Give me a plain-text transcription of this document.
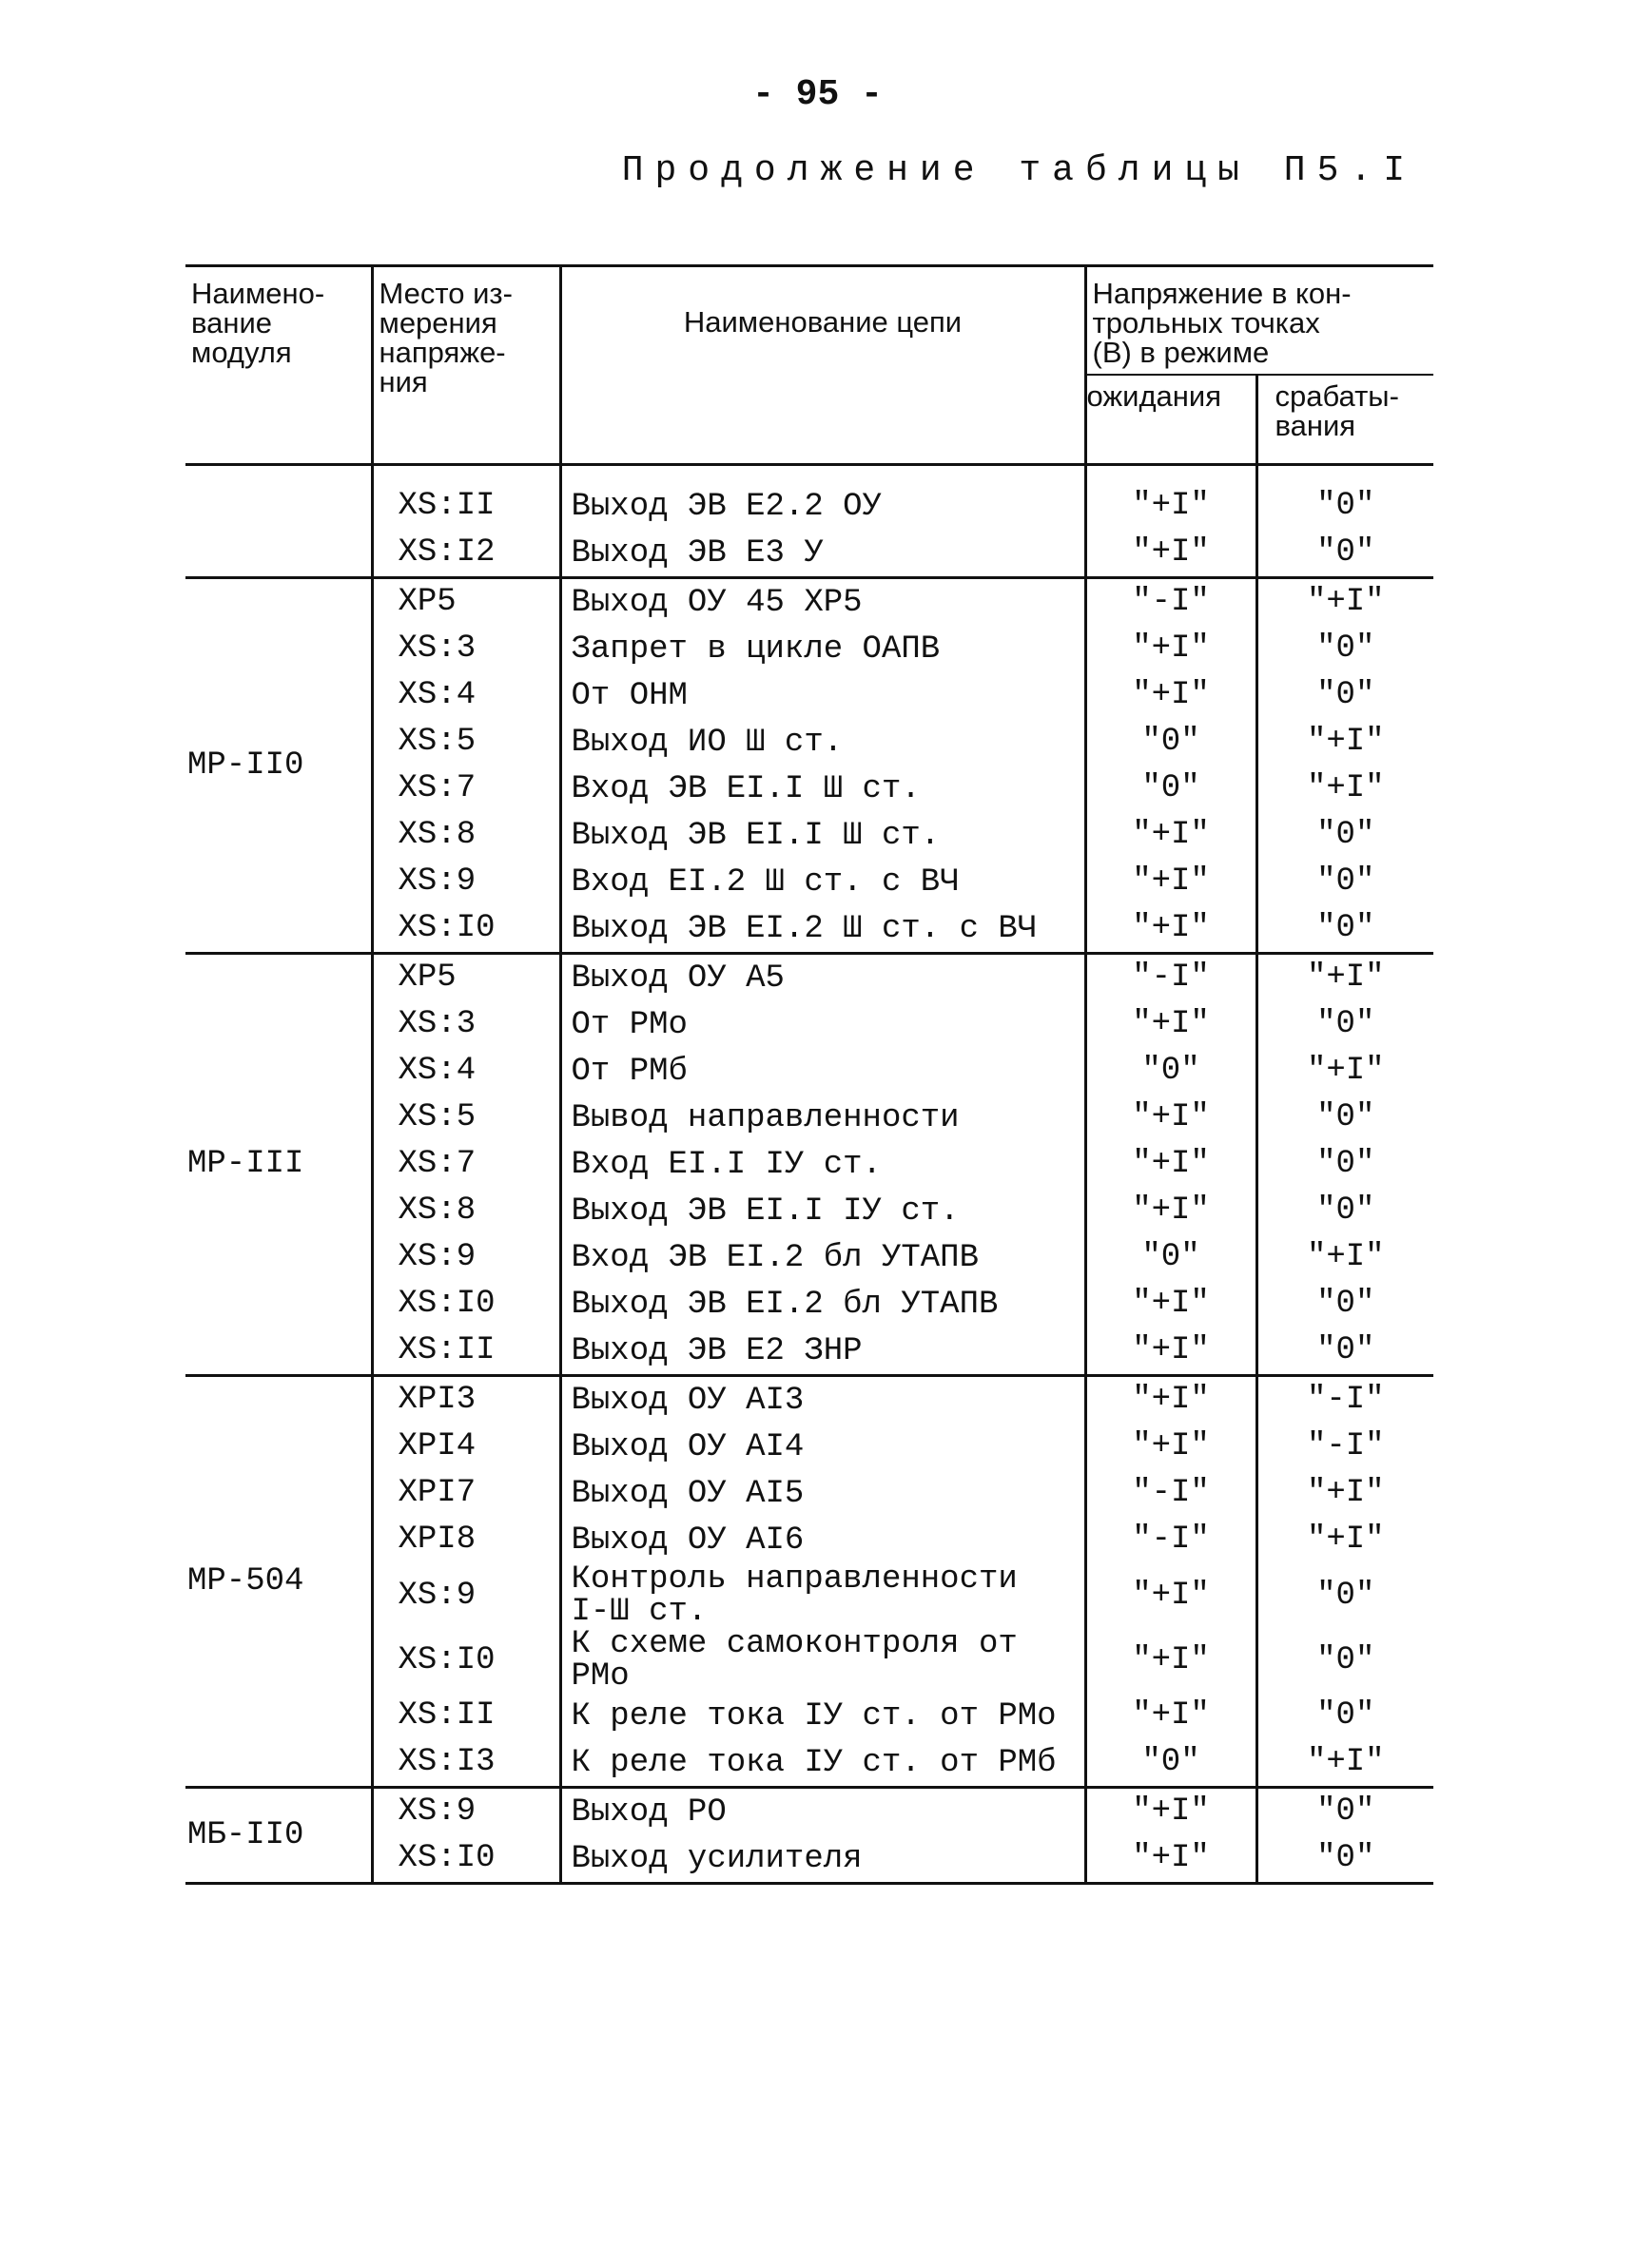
- 95 -
Продолжение таблицы П5.I
Наимено-
вание
модуля	Место из-
мерения
напряже-
ния	Наименование цепи	Напряжение в кон-
трольных точках
(В) в режиме	
			ожидания	срабаты-
вания
	XS:II	Выход ЭВ Е2.2 ОУ	"+I"	"0"
	XS:I2	Выход ЭВ Е3 У	"+I"	"0"
МР-II0	XP5	Выход ОУ 45 XP5	"-I"	"+I"
	XS:3	Запрет в цикле ОАПВ	"+I"	"0"
	XS:4	От ОНМ	"+I"	"0"
	XS:5	Выход ИО Ш ст.	"0"	"+I"
	XS:7	Вход ЭВ ЕI.I Ш ст.	"0"	"+I"
	XS:8	Выход ЭВ ЕI.I Ш ст.	"+I"	"0"
	XS:9	Вход ЕI.2 Ш ст. с ВЧ	"+I"	"0"
	XS:I0	Выход ЭВ ЕI.2 Ш ст. с ВЧ	"+I"	"0"
МР-III	XP5	Выход ОУ А5	"-I"	"+I"
	XS:3	От РМо	"+I"	"0"
	XS:4	От РМб	"0"	"+I"
	XS:5	Вывод направленности	"+I"	"0"
	XS:7	Вход ЕI.I IУ ст.	"+I"	"0"
	XS:8	Выход ЭВ ЕI.I IУ ст.	"+I"	"0"
	XS:9	Вход ЭВ ЕI.2 бл УТАПВ	"0"	"+I"
	XS:I0	Выход ЭВ ЕI.2 бл УТАПВ	"+I"	"0"
	XS:II	Выход ЭВ Е2 ЗНР	"+I"	"0"
МР-504	XPI3	Выход ОУ АI3	"+I"	"-I"
	XPI4	Выход ОУ АI4	"+I"	"-I"
	XPI7	Выход ОУ АI5	"-I"	"+I"
	XPI8	Выход ОУ АI6	"-I"	"+I"
	XS:9	Контроль направленности
I-Ш ст.	"+I"	"0"
	XS:I0	К схеме самоконтроля от РМо	"+I"	"0"
	XS:II	К реле тока IУ ст. от РМо	"+I"	"0"
	XS:I3	К реле тока IУ ст. от РМб	"0"	"+I"
МБ-II0	XS:9	Выход РО	"+I"	"0"
	XS:I0	Выход усилителя	"+I"	"0"
